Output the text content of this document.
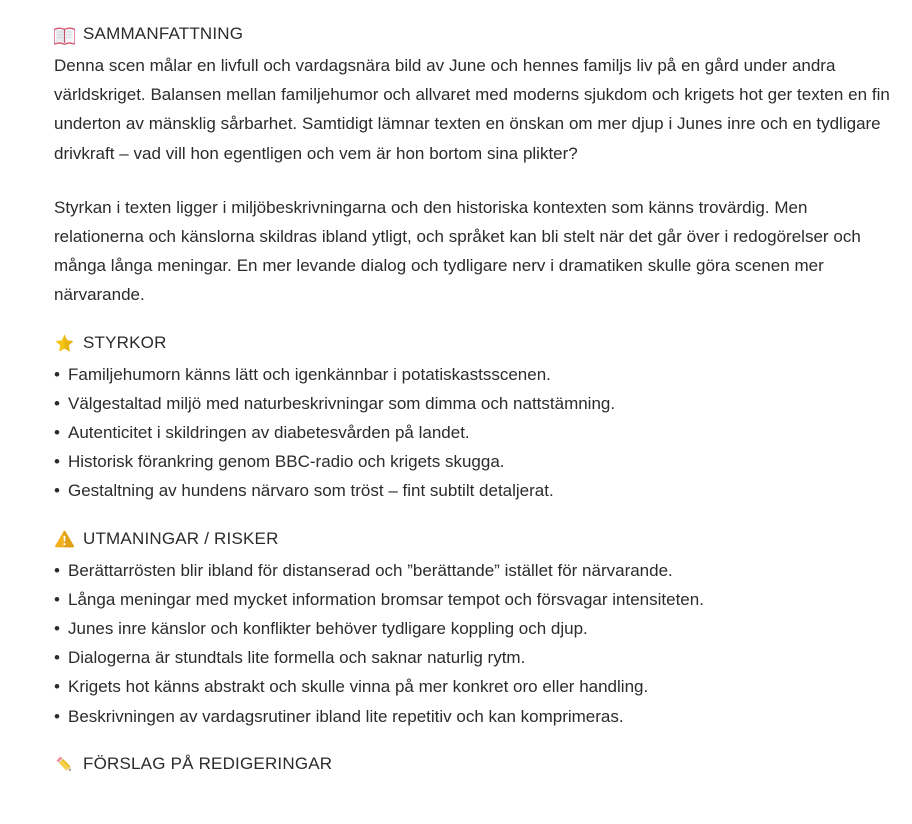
SAMMANFATTNING

Denna scen målar en livfull och vardagsnära bild av June och hennes familjs liv på en gård under andra världskriget. Balansen mellan familjehumor och allvaret med moderns sjukdom och krigets hot ger texten en fin underton av mänsklig sårbarhet. Samtidigt lämnar texten en önskan om mer djup i Junes inre och en tydligare drivkraft – vad vill hon egentligen och vem är hon bortom sina plikter?

Styrkan i texten ligger i miljöbeskrivningarna och den historiska kontexten som känns trovärdig. Men relationerna och känslorna skildras ibland ytligt, och språket kan bli stelt när det går över i redogörelser och många långa meningar. En mer levande dialog och tydligare nerv i dramatiken skulle göra scenen mer närvarande.

STYRKOR
• Familjehumorn känns lätt och igenkännbar i potatiskastsscenen.
• Välgestaltad miljö med naturbeskrivningar som dimma och nattstämning.
• Autenticitet i skildringen av diabetesvården på landet.
• Historisk förankring genom BBC-radio och krigets skugga.
• Gestaltning av hundens närvaro som tröst – fint subtilt detaljerat.
UTMANINGAR / RISKER
• Berättarrösten blir ibland för distanserad och ”berättande” istället för närvarande.
• Långa meningar med mycket information bromsar tempot och försvagar intensiteten.
• Junes inre känslor och konflikter behöver tydligare koppling och djup.
• Dialogerna är stundtals lite formella och saknar naturlig rytm.
• Krigets hot känns abstrakt och skulle vinna på mer konkret oro eller handling.
• Beskrivningen av vardagsrutiner ibland lite repetitiv och kan komprimeras.
FÖRSLAG PÅ REDIGERINGAR
